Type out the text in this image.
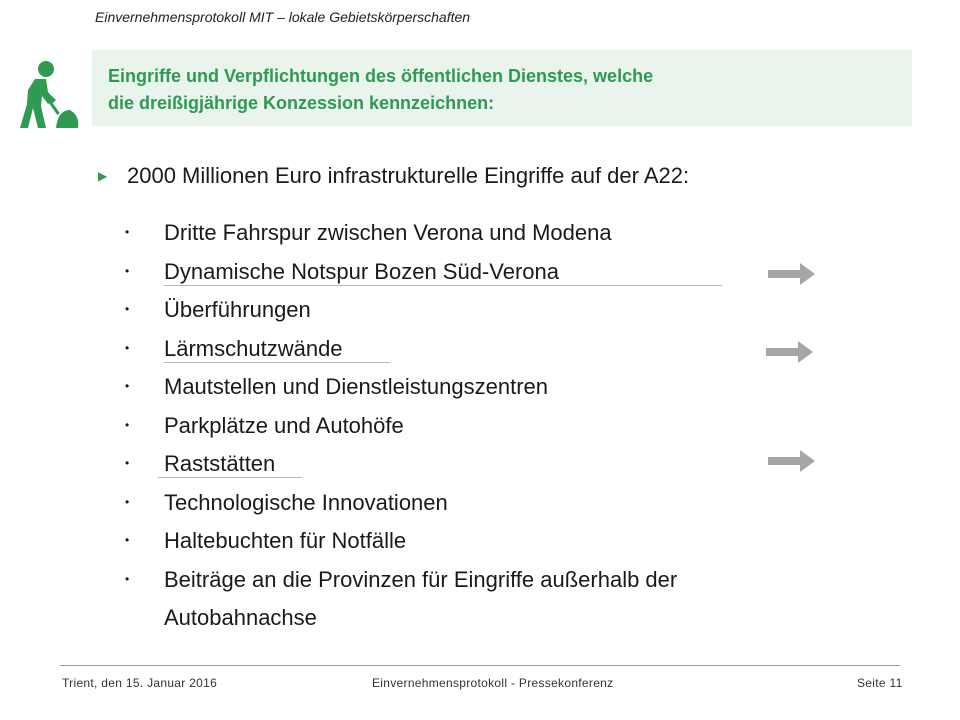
Einvernehmensprotokoll MIT – lokale Gebietskörperschaften
Eingriffe und Verpflichtungen des öffentlichen Dienstes, welche
die dreißigjährige Konzession kennzeichnen:
▶ 2000 Millionen Euro infrastrukturelle Eingriffe auf der A22:
• Dritte Fahrspur zwischen Verona und Modena
• Dynamische Notspur Bozen Süd-Verona
• Überführungen
• Lärmschutzwände
• Mautstellen und Dienstleistungszentren
• Parkplätze und Autohöfe
• Raststätten
• Technologische Innovationen
• Haltebuchten für Notfälle
• Beiträge an die Provinzen für Eingriffe außerhalb der
Autobahnachse
Trient, den 15. Januar 2016	Einvernehmensprotokoll - Pressekonferenz	Seite 11
